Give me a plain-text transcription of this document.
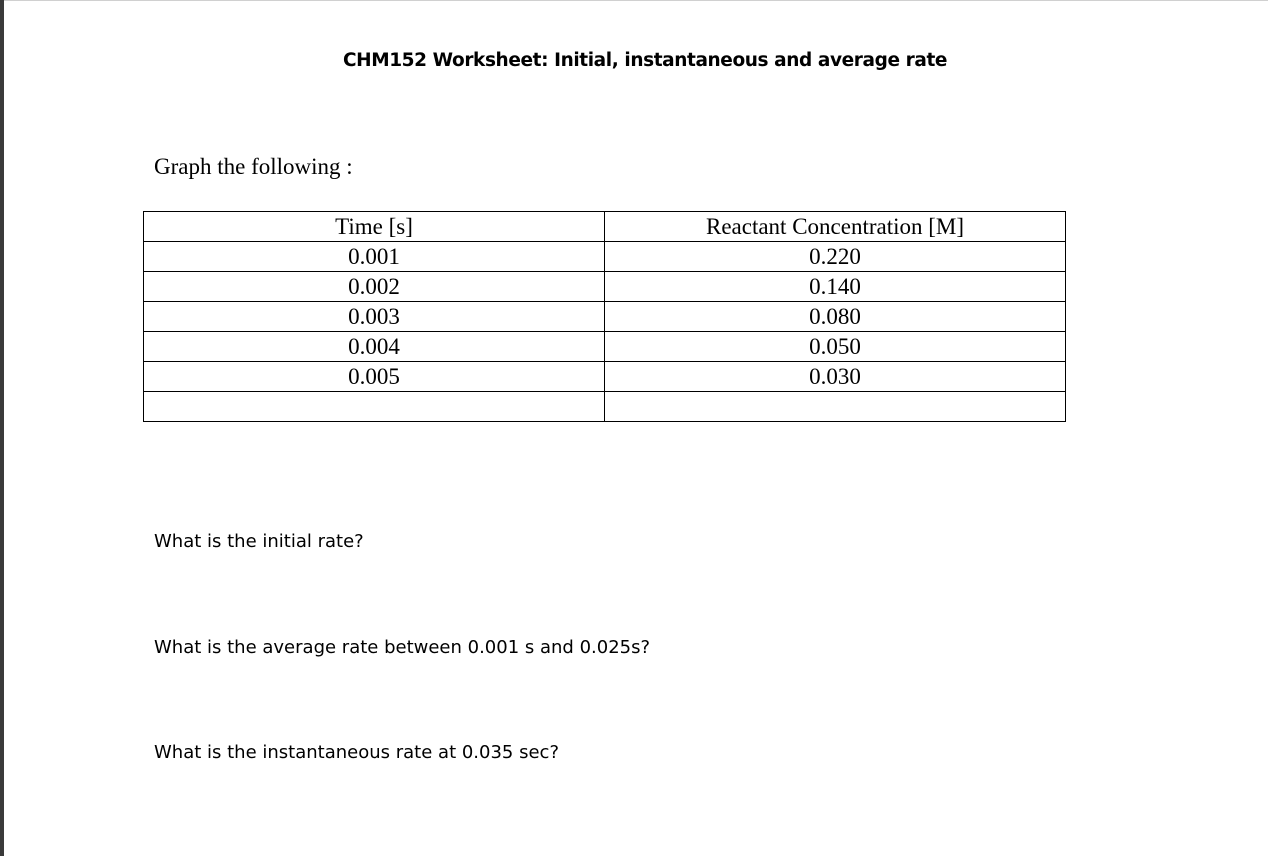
CHM152 Worksheet: Initial, instantaneous and average rate
Graph the following :
Time [s]	Reactant Concentration [M]
0.001	0.220
0.002	0.140
0.003	0.080
0.004	0.050
0.005	0.030

What is the initial rate?
What is the average rate between 0.001 s and 0.025s?
What is the instantaneous rate at 0.035 sec?
